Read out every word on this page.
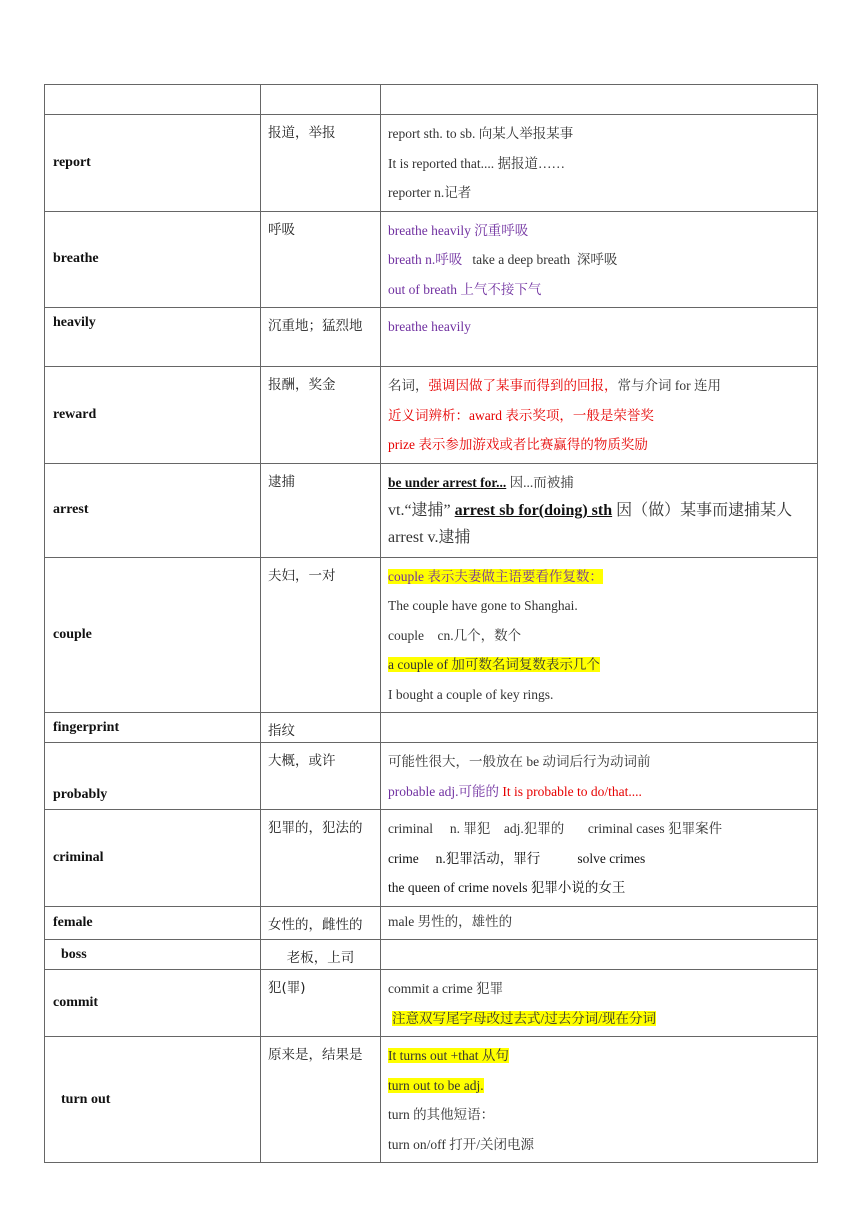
report	报道，举报	report sth. to sb. 向某人举报某事
It is reported that.... 据报道……
reporter n.记者

breathe	呼吸	breathe heavily 沉重呼吸
breath n.呼吸   take a deep breath  深呼吸
out of breath 上气不接下气

heavily	沉重地；猛烈地	breathe heavily

reward	报酬，奖金	名词，强调因做了某事而得到的回报，常与介词 for 连用
近义词辨析：award 表示奖项，一般是荣誉奖
prize 表示参加游戏或者比赛赢得的物质奖励

arrest	逮捕	be under arrest for... 因...而被捕
vt.“逮捕” arrest sb for(doing) sth 因（做）某事而逮捕某人 arrest v.逮捕

couple	夫妇，一对	couple 表示夫妻做主语要看作复数：
The couple have gone to Shanghai.
couple    cn.几个，数个
a couple of 加可数名词复数表示几个
I bought a couple of key rings.

fingerprint	指纹	
probably	大概，或许	可能性很大，一般放在 be 动词后行为动词前
probable adj.可能的 It is probable to do/that....

criminal	犯罪的，犯法的	criminal     n. 罪犯    adj.犯罪的       criminal cases 犯罪案件
crime     n.犯罪活动，罪行           solve crimes
the queen of crime novels 犯罪小说的女王

female	女性的，雌性的	male 男性的，雄性的

boss	老板，上司	
commit	犯(罪)	commit a crime 犯罪
注意双写尾字母改过去式/过去分词/现在分词

turn out	原来是，结果是	It turns out +that 从句
turn out to be adj.
turn 的其他短语：
turn on/off 打开/关闭电源
